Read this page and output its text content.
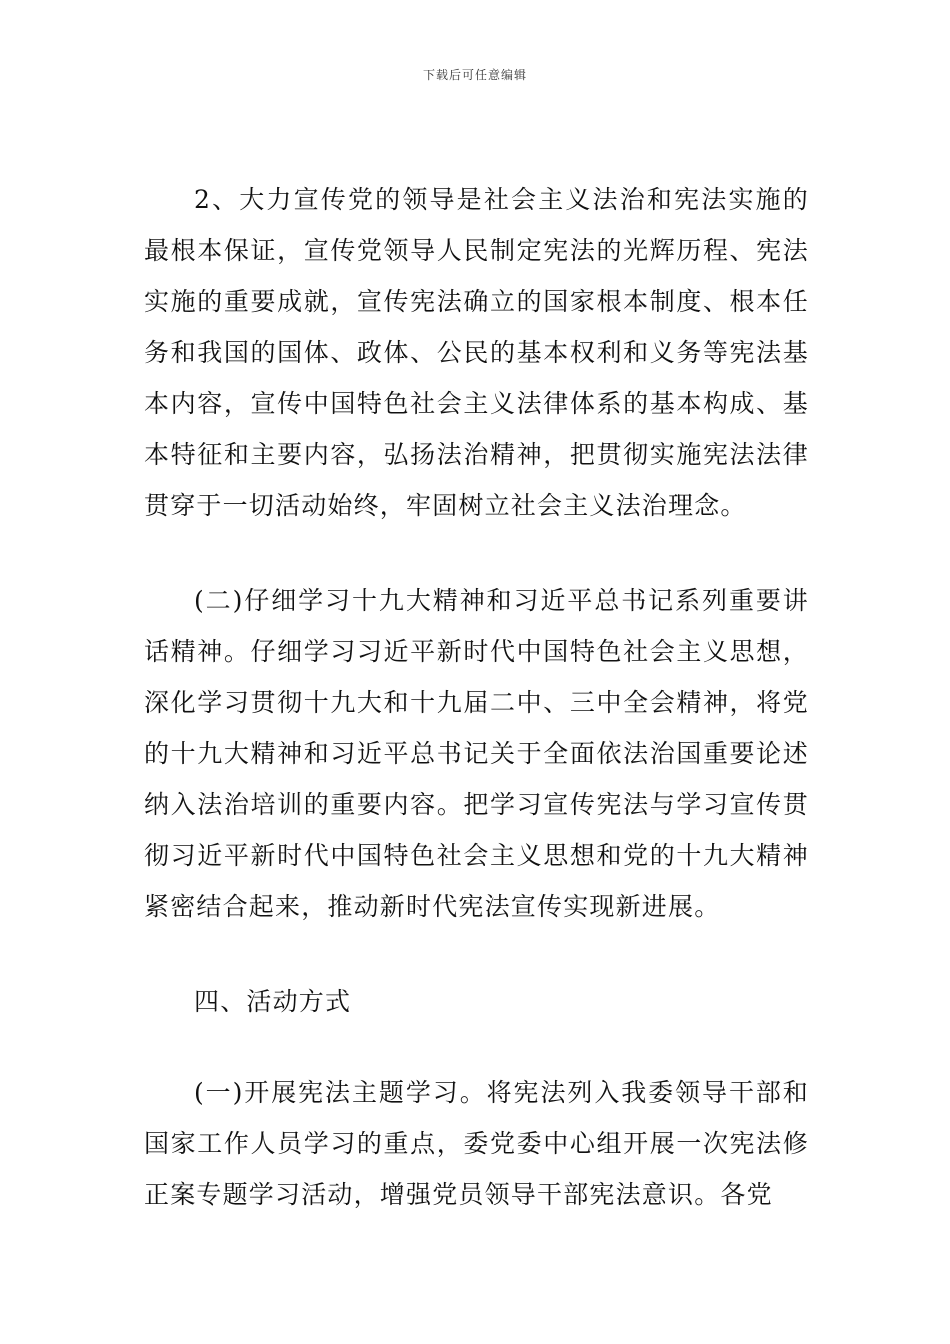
下载后可任意编辑

2、大力宣传党的领导是社会主义法治和宪法实施的最根本保证，宣传党领导人民制定宪法的光辉历程、宪法实施的重要成就，宣传宪法确立的国家根本制度、根本任务和我国的国体、政体、公民的基本权利和义务等宪法基本内容，宣传中国特色社会主义法律体系的基本构成、基本特征和主要内容，弘扬法治精神，把贯彻实施宪法法律贯穿于一切活动始终，牢固树立社会主义法治理念。

(二)仔细学习十九大精神和习近平总书记系列重要讲话精神。仔细学习习近平新时代中国特色社会主义思想，深化学习贯彻十九大和十九届二中、三中全会精神，将党的十九大精神和习近平总书记关于全面依法治国重要论述纳入法治培训的重要内容。把学习宣传宪法与学习宣传贯彻习近平新时代中国特色社会主义思想和党的十九大精神紧密结合起来，推动新时代宪法宣传实现新进展。

四、活动方式

(一)开展宪法主题学习。将宪法列入我委领导干部和国家工作人员学习的重点，委党委中心组开展一次宪法修正案专题学习活动，增强党员领导干部宪法意识。各党
